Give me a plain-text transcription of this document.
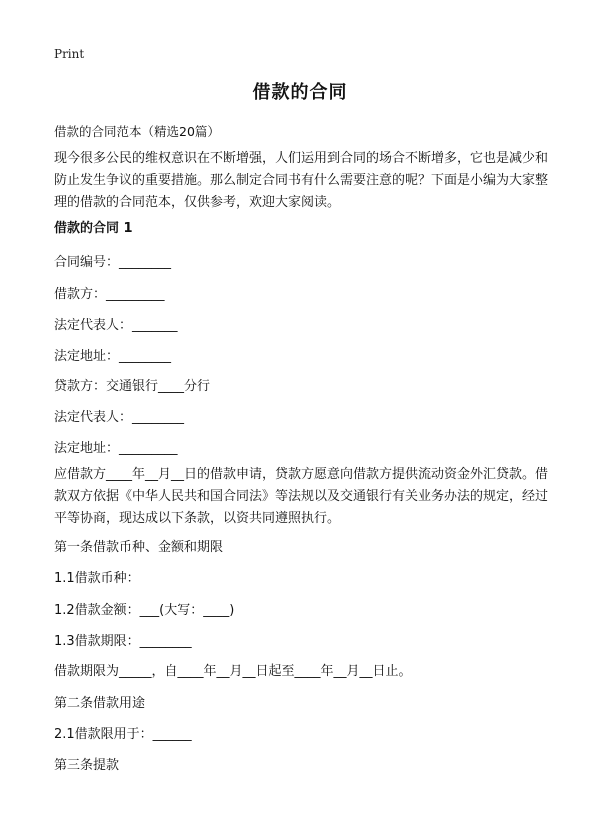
Print
借款的合同

借款的合同范本（精选20篇）

现今很多公民的维权意识在不断增强，人们运用到合同的场合不断增多，它也是减少和防止发生争议的重要措施。那么制定合同书有什么需要注意的呢？下面是小编为大家整理的借款的合同范本，仅供参考，欢迎大家阅读。

借款的合同 1

合同编号：________

借款方：_________

法定代表人：_______

法定地址：________

贷款方：交通银行____分行

法定代表人：________

法定地址：_________

应借款方____年__月__日的借款申请，贷款方愿意向借款方提供流动资金外汇贷款。借款双方依据《中华人民共和国合同法》等法规以及交通银行有关业务办法的规定，经过平等协商，现达成以下条款，以资共同遵照执行。

第一条借款币种、金额和期限

1.1借款币种：

1.2借款金额：___(大写：____)

1.3借款期限：________

借款期限为_____，自____年__月__日起至____年__月__日止。

第二条借款用途

2.1借款限用于：______

第三条提款
